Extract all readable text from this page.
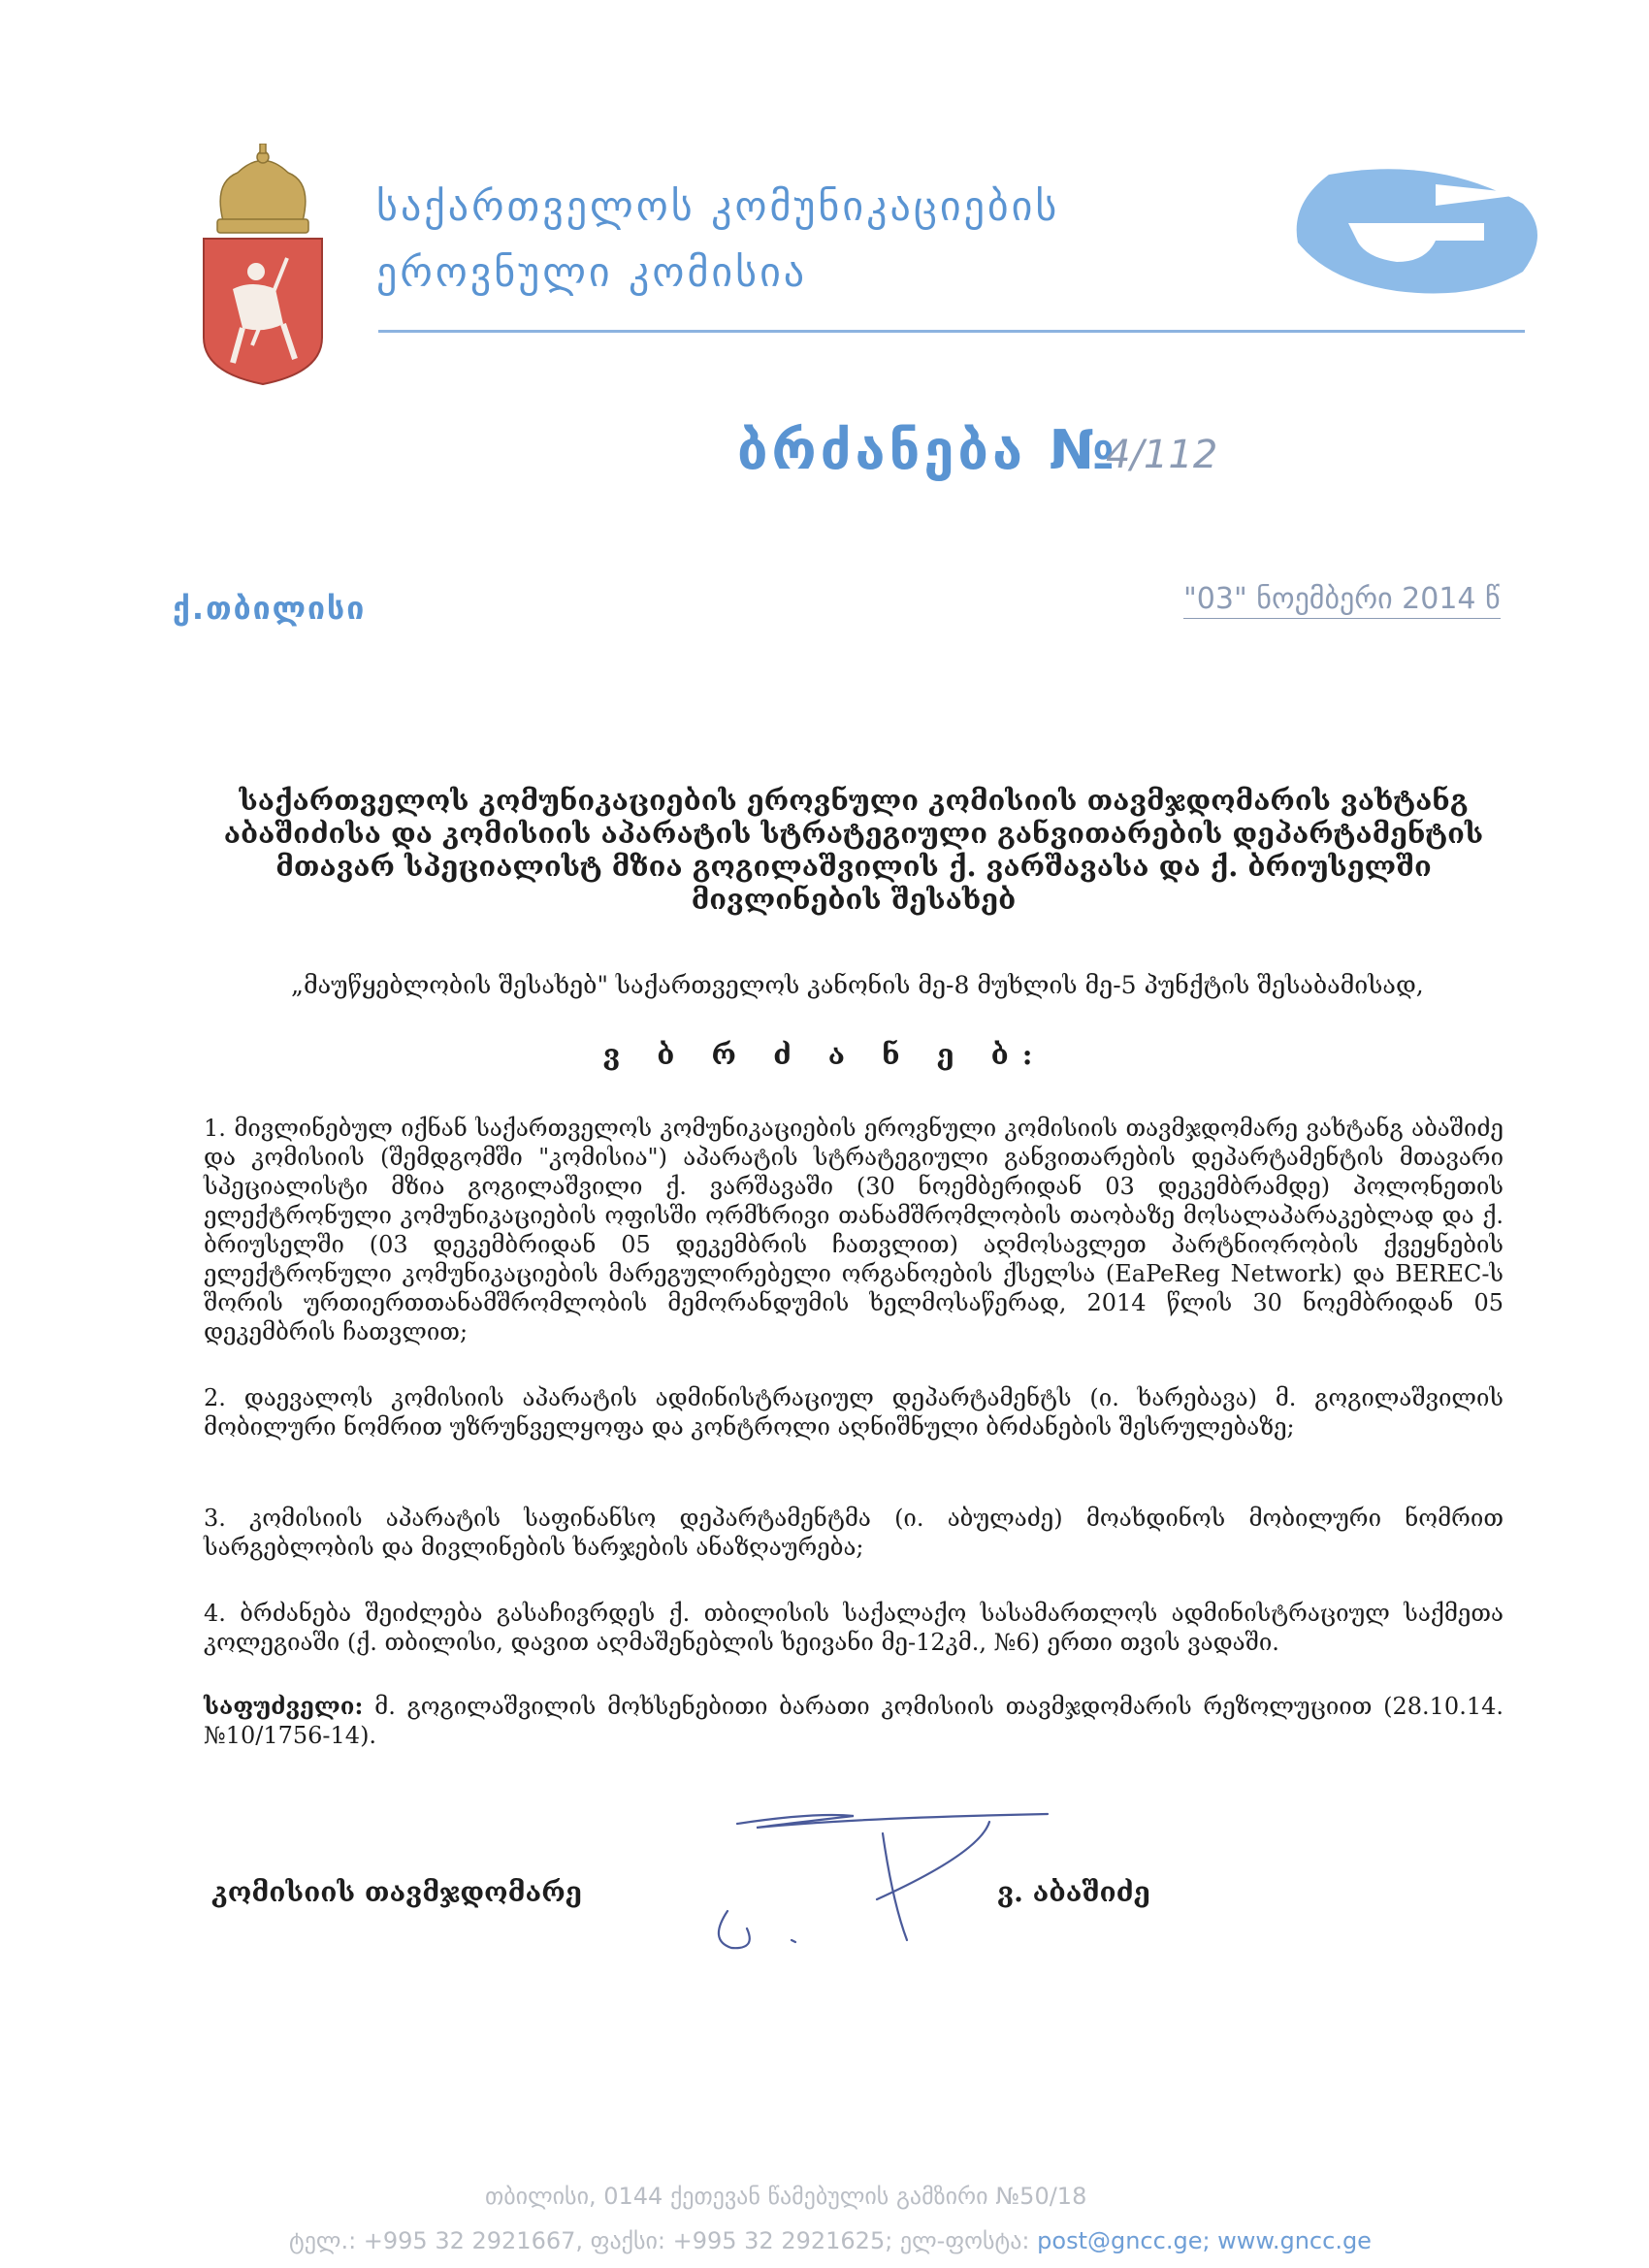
საქართველოს კომუნიკაციების
ეროვნული კომისია
ბრძანება №
4/112
ქ.თბილისი	"03" ნოემბერი 2014 წ
საქართველოს კომუნიკაციების ეროვნული კომისიის თავმჯდომარის ვახტანგ აბაშიძისა და კომისიის აპარატის სტრატეგიული განვითარების დეპარტამენტის მთავარ სპეციალისტ მზია გოგილაშვილის ქ. ვარშავასა და ქ. ბრიუსელში მივლინების შესახებ
„მაუწყებლობის შესახებ" საქართველოს კანონის მე-8 მუხლის მე-5 პუნქტის შესაბამისად,
ვ ბ რ ძ ა ნ ე ბ:
1. მივლინებულ იქნან საქართველოს კომუნიკაციების ეროვნული კომისიის თავმჯდომარე ვახტანგ აბაშიძე და კომისიის (შემდგომში "კომისია") აპარატის სტრატეგიული განვითარების დეპარტამენტის მთავარი სპეციალისტი მზია გოგილაშვილი ქ. ვარშავაში (30 ნოემბერიდან 03 დეკემბრამდე) პოლონეთის ელექტრონული კომუნიკაციების ოფისში ორმხრივი თანამშრომლობის თაობაზე მოსალაპარაკებლად და ქ. ბრიუსელში (03 დეკემბრიდან 05 დეკემბრის ჩათვლით) აღმოსავლეთ პარტნიორობის ქვეყნების ელექტრონული კომუნიკაციების მარეგულირებელი ორგანოების ქსელსა (EaPeReg Network) და BEREC-ს შორის ურთიერთთანამშრომლობის მემორანდუმის ხელმოსაწერად, 2014 წლის 30 ნოემბრიდან 05 დეკემბრის ჩათვლით;
2. დაევალოს კომისიის აპარატის ადმინისტრაციულ დეპარტამენტს (ი. ხარებავა) მ. გოგილაშვილის მობილური ნომრით უზრუნველყოფა და კონტროლი აღნიშნული ბრძანების შესრულებაზე;
3. კომისიის აპარატის საფინანსო დეპარტამენტმა (ი. აბულაძე) მოახდინოს მობილური ნომრით სარგებლობის და მივლინების ხარჯების ანაზღაურება;
4. ბრძანება შეიძლება გასაჩივრდეს ქ. თბილისის საქალაქო სასამართლოს ადმინისტრაციულ საქმეთა კოლეგიაში (ქ. თბილისი, დავით აღმაშენებლის ხეივანი მე-12კმ., №6) ერთი თვის ვადაში.
საფუძველი: მ. გოგილაშვილის მოხსენებითი ბარათი კომისიის თავმჯდომარის რეზოლუციით (28.10.14. №10/1756-14).
კომისიის თავმჯდომარე	ვ. აბაშიძე
თბილისი, 0144 ქეთევან წამებულის გამზირი №50/18
ტელ.: +995 32 2921667, ფაქსი: +995 32 2921625; ელ-ფოსტა: post@gncc.ge; www.gncc.ge
